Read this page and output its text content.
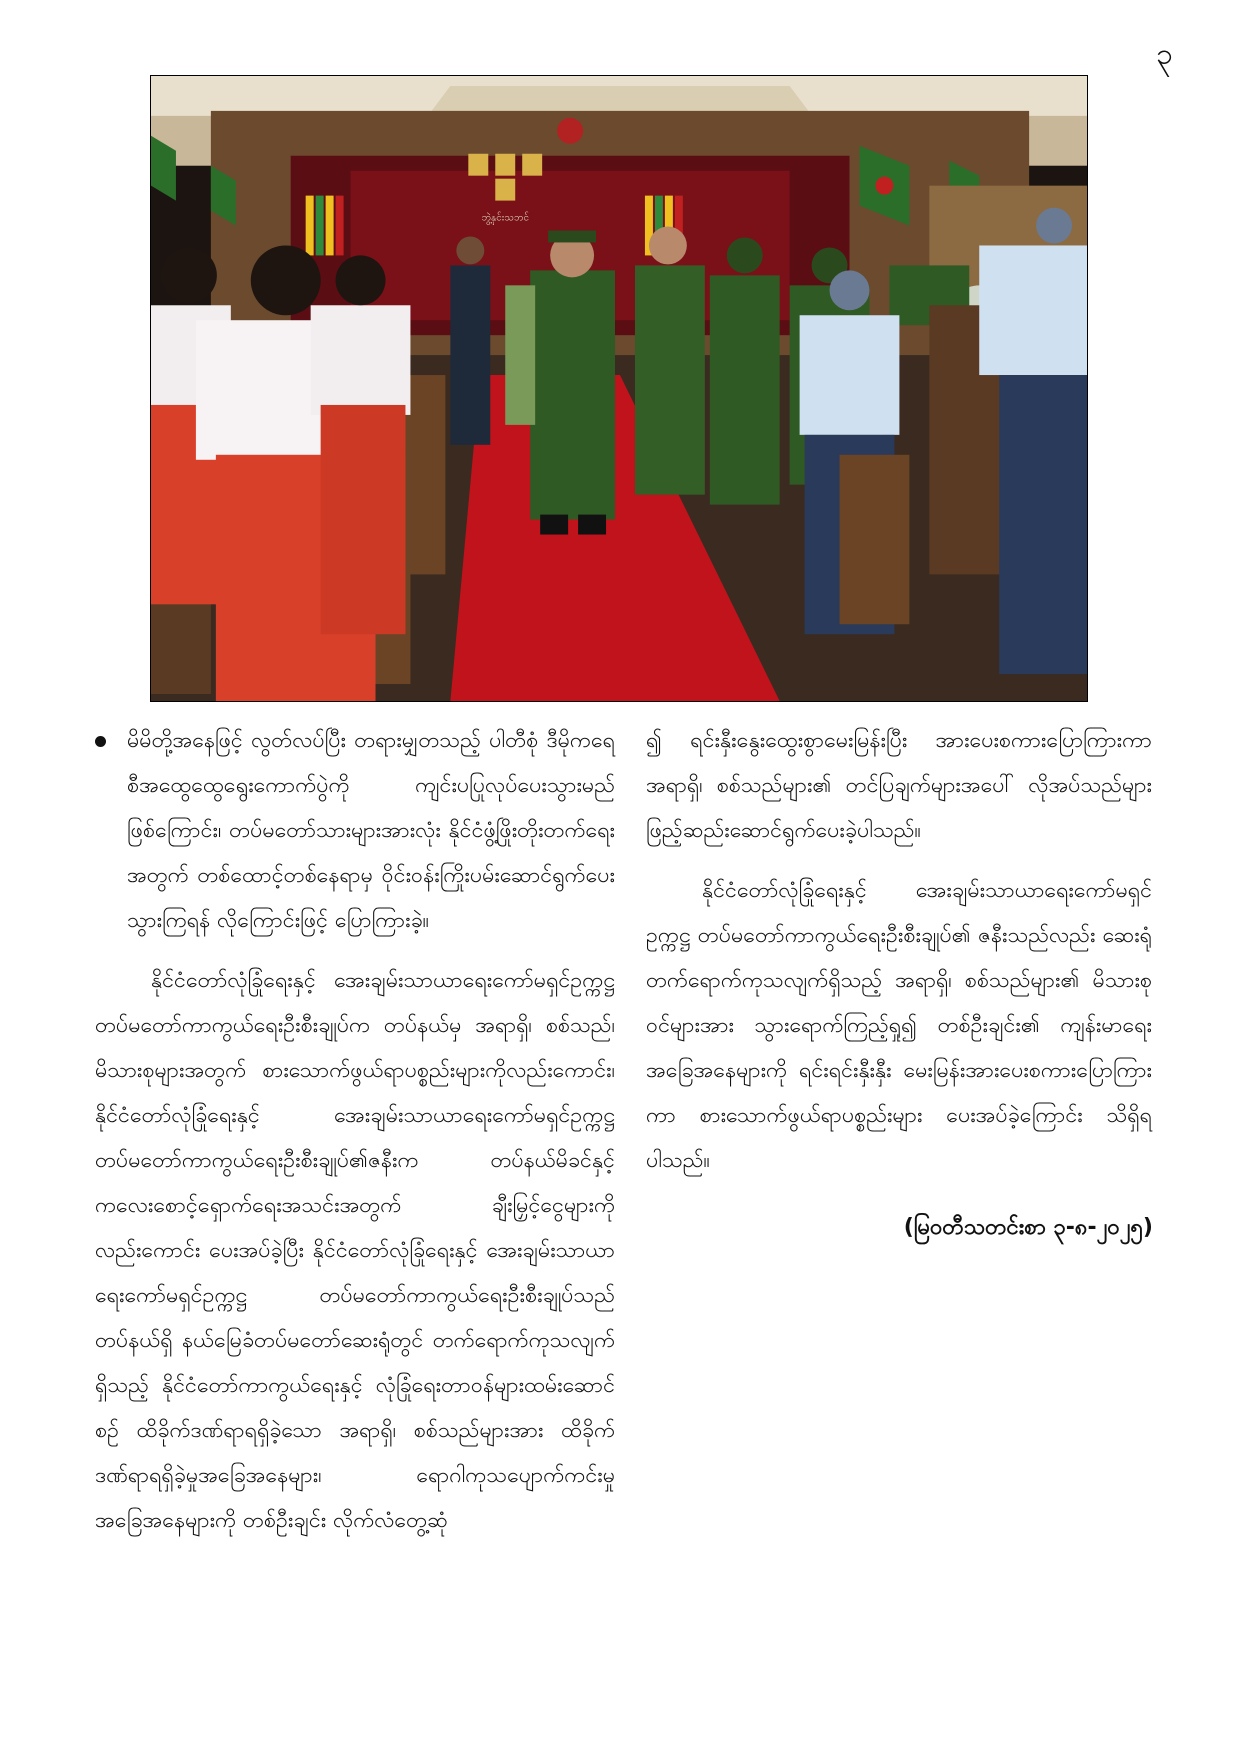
၃
ဘွဲ့နှင်းသဘင်

မိမိတို့အနေဖြင့် လွတ်လပ်ပြီး တရားမျှတသည့် ပါတီစုံ ဒီမိုကရေစီအထွေထွေရွေးကောက်ပွဲကို ကျင်းပပြုလုပ်ပေးသွားမည်ဖြစ်ကြောင်း၊ တပ်မတော်သားများအားလုံး နိုင်ငံဖွံ့ဖြိုးတိုးတက်ရေးအတွက် တစ်ထောင့်တစ်နေရာမှ ဝိုင်းဝန်းကြိုးပမ်းဆောင်ရွက်ပေးသွားကြရန် လိုကြောင်းဖြင့် ပြောကြားခဲ့။

နိုင်ငံတော်လုံခြုံရေးနှင့် အေးချမ်းသာယာရေးကော်မရှင်ဥက္ကဋ္ဌ တပ်မတော်ကာကွယ်ရေးဦးစီးချုပ်က တပ်နယ်မှ အရာရှိ၊ စစ်သည်၊ မိသားစုများအတွက် စားသောက်ဖွယ်ရာပစ္စည်းများကိုလည်းကောင်း၊ နိုင်ငံတော်လုံခြုံရေးနှင့် အေးချမ်းသာယာရေးကော်မရှင်ဥက္ကဋ္ဌ တပ်မတော်ကာကွယ်ရေးဦးစီးချုပ်၏ဇနီးက တပ်နယ်မိခင်နှင့် ကလေးစောင့်ရှောက်ရေးအသင်းအတွက် ချီးမြှင့်ငွေများကိုလည်းကောင်း ပေးအပ်ခဲ့ပြီး နိုင်ငံတော်လုံခြုံရေးနှင့် အေးချမ်းသာယာရေးကော်မရှင်ဥက္ကဋ္ဌ တပ်မတော်ကာကွယ်ရေးဦးစီးချုပ်သည် တပ်နယ်ရှိ နယ်မြေခံတပ်မတော်ဆေးရုံတွင် တက်ရောက်ကုသလျက်ရှိသည့် နိုင်ငံတော်ကာကွယ်ရေးနှင့် လုံခြုံရေးတာဝန်များထမ်းဆောင်စဉ် ထိခိုက်ဒဏ်ရာရရှိခဲ့သော အရာရှိ၊ စစ်သည်များအား ထိခိုက်ဒဏ်ရာရရှိခဲ့မှုအခြေအနေများ၊ ရောဂါကုသပျောက်ကင်းမှုအခြေအနေများကို တစ်ဦးချင်း လိုက်လံတွေ့ဆုံ

၍ ရင်းနှီးနွေးထွေးစွာမေးမြန်းပြီး အားပေးစကားပြောကြားကာ အရာရှိ၊ စစ်သည်များ၏ တင်ပြချက်များအပေါ် လိုအပ်သည်များ ဖြည့်ဆည်းဆောင်ရွက်ပေးခဲ့ပါသည်။

နိုင်ငံတော်လုံခြုံရေးနှင့် အေးချမ်းသာယာရေးကော်မရှင်ဥက္ကဋ္ဌ တပ်မတော်ကာကွယ်ရေးဦးစီးချုပ်၏ ဇနီးသည်လည်း ဆေးရုံတက်ရောက်ကုသလျက်ရှိသည့် အရာရှိ၊ စစ်သည်များ၏ မိသားစုဝင်များအား သွားရောက်ကြည့်ရှု၍ တစ်ဦးချင်း၏ ကျန်းမာရေးအခြေအနေများကို ရင်းရင်းနှီးနှီး မေးမြန်းအားပေးစကားပြောကြားကာ စားသောက်ဖွယ်ရာပစ္စည်းများ ပေးအပ်ခဲ့ကြောင်း သိရှိရပါသည်။

(မြဝတီသတင်းစာ ၃-၈-၂၀၂၅)
